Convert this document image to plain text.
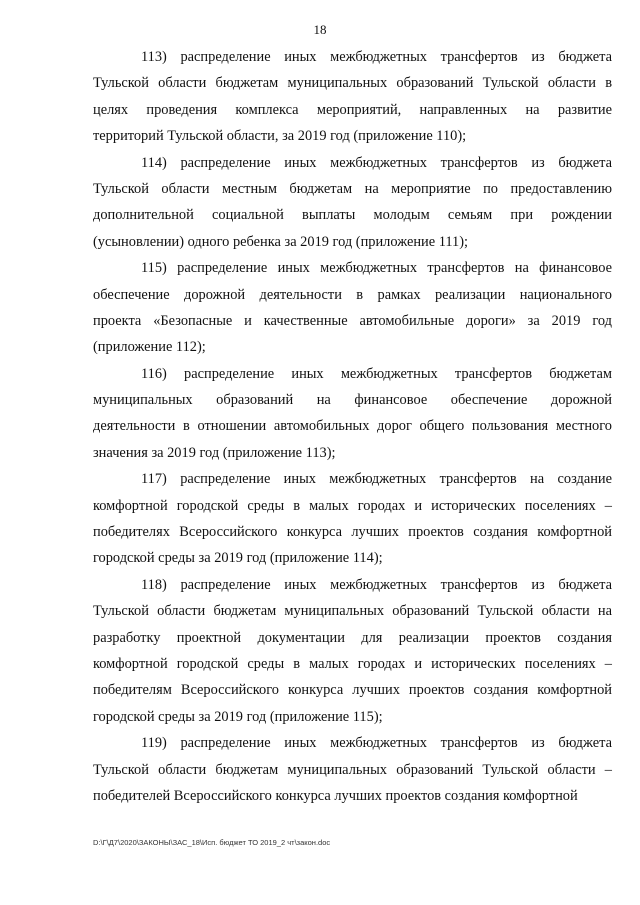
18
113) распределение иных межбюджетных трансфертов из бюджета
Тульской области бюджетам муниципальных образований Тульской области в
целях проведения комплекса мероприятий, направленных на развитие
территорий Тульской области, за 2019 год (приложение 110);
114) распределение иных межбюджетных трансфертов из бюджета
Тульской области местным бюджетам на мероприятие по предоставлению
дополнительной социальной выплаты молодым семьям при рождении
(усыновлении) одного ребенка за 2019 год (приложение 111);
115) распределение иных межбюджетных трансфертов на финансовое
обеспечение дорожной деятельности в рамках реализации национального
проекта «Безопасные и качественные автомобильные дороги» за 2019 год
(приложение 112);
116) распределение иных межбюджетных трансфертов бюджетам
муниципальных образований на финансовое обеспечение дорожной
деятельности в отношении автомобильных дорог общего пользования местного
значения за 2019 год (приложение 113);
117) распределение иных межбюджетных трансфертов на создание
комфортной городской среды в малых городах и исторических поселениях –
победителях Всероссийского конкурса лучших проектов создания комфортной
городской среды за 2019 год (приложение 114);
118) распределение иных межбюджетных трансфертов из бюджета
Тульской области бюджетам муниципальных образований Тульской области на
разработку проектной документации для реализации проектов создания
комфортной городской среды в малых городах и исторических поселениях –
победителям Всероссийского конкурса лучших проектов создания комфортной
городской среды за 2019 год (приложение 115);
119) распределение иных межбюджетных трансфертов из бюджета
Тульской области бюджетам муниципальных образований Тульской области –
победителей Всероссийского конкурса лучших проектов создания комфортной
D:\Г\Д7\2020\ЗАКОНЫ\ЗАС_18\Исп. бюджет ТО 2019_2 чт\закон.doc
